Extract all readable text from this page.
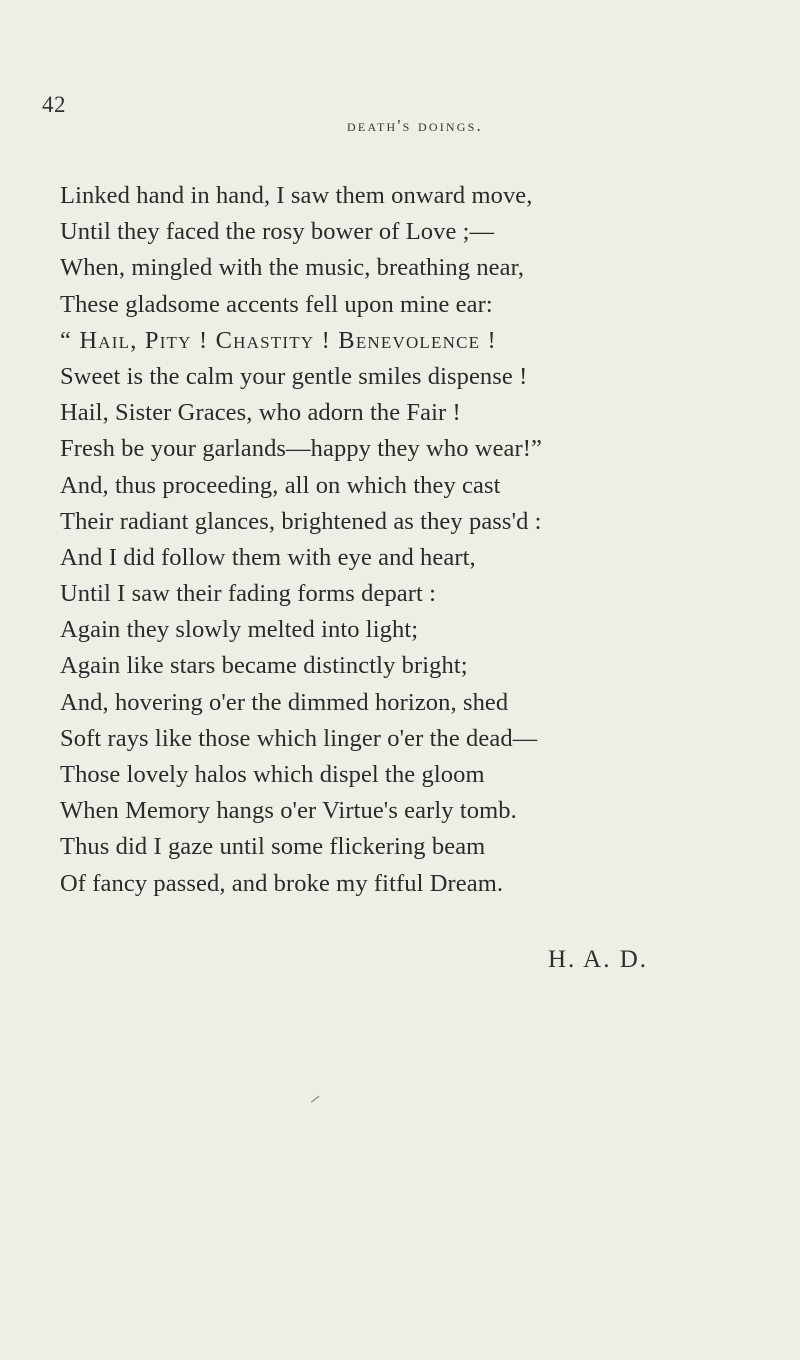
42
death's doings.
Linked hand in hand, I saw them onward move,
Until they faced the rosy bower of Love ;—
When, mingled with the music, breathing near,
These gladsome accents fell upon mine ear:
“ Hail, Pity ! Chastity ! Benevolence !
Sweet is the calm your gentle smiles dispense !
Hail, Sister Graces, who adorn the Fair !
Fresh be your garlands—happy they who wear!”
And, thus proceeding, all on which they cast
Their radiant glances, brightened as they pass'd :
And I did follow them with eye and heart,
Until I saw their fading forms depart :
Again they slowly melted into light;
Again like stars became distinctly bright;
And, hovering o'er the dimmed horizon, shed
Soft rays like those which linger o'er the dead—
Those lovely halos which dispel the gloom
When Memory hangs o'er Virtue's early tomb.
Thus did I gaze until some flickering beam
Of fancy passed, and broke my fitful Dream.
H. A. D.
